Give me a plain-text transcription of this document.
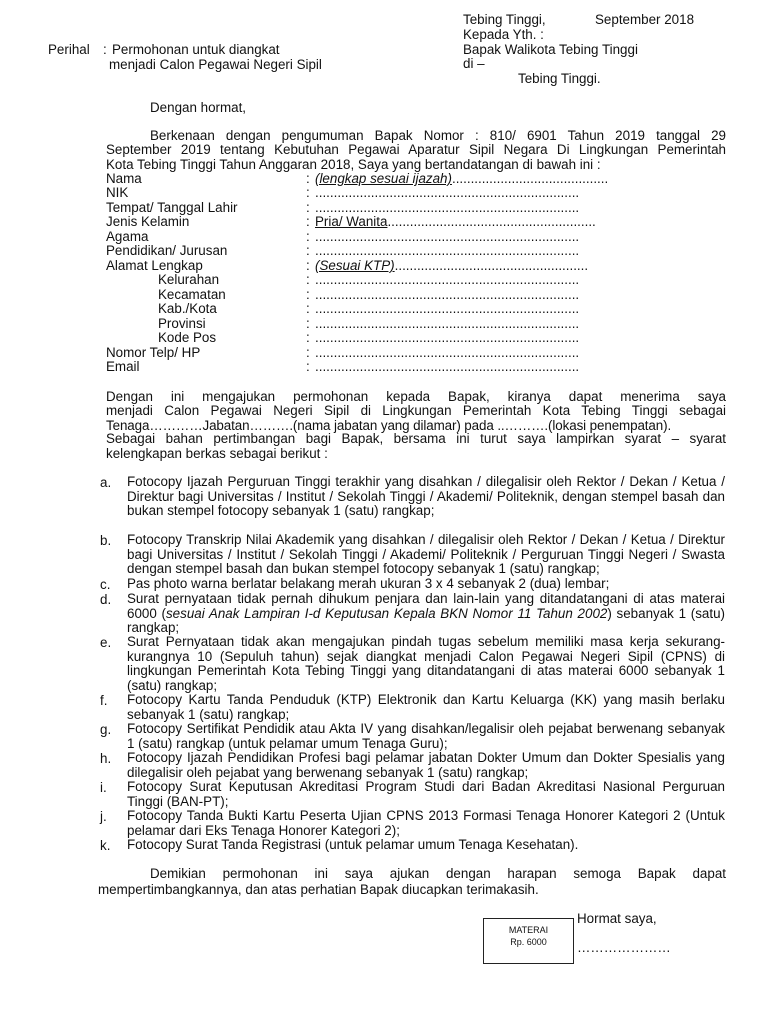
Tebing Tinggi,	September 2018
Kepada Yth. :
Bapak Walikota Tebing Tinggi
di –
Tebing Tinggi.
Perihal : Permohonan untuk diangkat
menjadi Calon Pegawai Negeri Sipil
Dengan hormat,
Berkenaan dengan pengumuman Bapak Nomor : 810/ 6901 Tahun 2019 tanggal 29
September 2019 tentang Kebutuhan Pegawai Aparatur Sipil Negara Di Lingkungan Pemerintah
Kota Tebing Tinggi Tahun Anggaran 2018, Saya yang bertandatangan di bawah ini :
Nama	: (lengkap sesuai ijazah)..........................................
NIK	: .......................................................................
Tempat/ Tanggal Lahir	: .......................................................................
Jenis Kelamin	: Pria/ Wanita........................................................
Agama	: .......................................................................
Pendidikan/ Jurusan	: .......................................................................
Alamat Lengkap	: (Sesuai KTP)....................................................
Kelurahan	: .......................................................................
Kecamatan	: .......................................................................
Kab./Kota	: .......................................................................
Provinsi	: .......................................................................
Kode Pos	: .......................................................................
Nomor Telp/ HP	: .......................................................................
Email	: .......................................................................
Dengan ini mengajukan permohonan kepada Bapak, kiranya dapat menerima saya
menjadi Calon Pegawai Negeri Sipil di Lingkungan Pemerintah Kota Tebing Tinggi sebagai
Tenaga…………Jabatan……….(nama jabatan yang dilamar) pada ..……….(lokasi penempatan).
Sebagai bahan pertimbangan bagi Bapak, bersama ini turut saya lampirkan syarat – syarat
kelengkapan berkas sebagai berikut :
a. Fotocopy Ijazah Perguruan Tinggi terakhir yang disahkan / dilegalisir oleh Rektor / Dekan / Ketua / Direktur bagi Universitas / Institut / Sekolah Tinggi / Akademi/ Politeknik, dengan stempel basah dan bukan stempel fotocopy sebanyak 1 (satu) rangkap;
b. Fotocopy Transkrip Nilai Akademik yang disahkan / dilegalisir oleh Rektor / Dekan / Ketua / Direktur bagi Universitas / Institut / Sekolah Tinggi / Akademi/ Politeknik / Perguruan Tinggi Negeri / Swasta dengan stempel basah dan bukan stempel fotocopy sebanyak 1 (satu) rangkap;
c. Pas photo warna berlatar belakang merah ukuran 3 x 4 sebanyak 2 (dua) lembar;
d. Surat pernyataan tidak pernah dihukum penjara dan lain-lain yang ditandatangani di atas materai 6000 (sesuai Anak Lampiran I-d Keputusan Kepala BKN Nomor 11 Tahun 2002) sebanyak 1 (satu) rangkap;
e. Surat Pernyataan tidak akan mengajukan pindah tugas sebelum memiliki masa kerja sekurang-kurangnya 10 (Sepuluh tahun) sejak diangkat menjadi Calon Pegawai Negeri Sipil (CPNS) di lingkungan Pemerintah Kota Tebing Tinggi yang ditandatangani di atas materai 6000 sebanyak 1 (satu) rangkap;
f. Fotocopy Kartu Tanda Penduduk (KTP) Elektronik dan Kartu Keluarga (KK) yang masih berlaku sebanyak 1 (satu) rangkap;
g. Fotocopy Sertifikat Pendidik atau Akta IV yang disahkan/legalisir oleh pejabat berwenang sebanyak 1 (satu) rangkap (untuk pelamar umum Tenaga Guru);
h. Fotocopy Ijazah Pendidikan Profesi bagi pelamar jabatan Dokter Umum dan Dokter Spesialis yang dilegalisir oleh pejabat yang berwenang sebanyak 1 (satu) rangkap;
i. Fotocopy Surat Keputusan Akreditasi Program Studi dari Badan Akreditasi Nasional Perguruan Tinggi (BAN-PT);
j. Fotocopy Tanda Bukti Kartu Peserta Ujian CPNS 2013 Formasi Tenaga Honorer Kategori 2 (Untuk pelamar dari Eks Tenaga Honorer Kategori 2);
k. Fotocopy Surat Tanda Registrasi (untuk pelamar umum Tenaga Kesehatan).
Demikian permohonan ini saya ajukan dengan harapan semoga Bapak dapat
mempertimbangkannya, dan atas perhatian Bapak diucapkan terimakasih.
Hormat saya,
MATERAI
Rp. 6000	…………………
